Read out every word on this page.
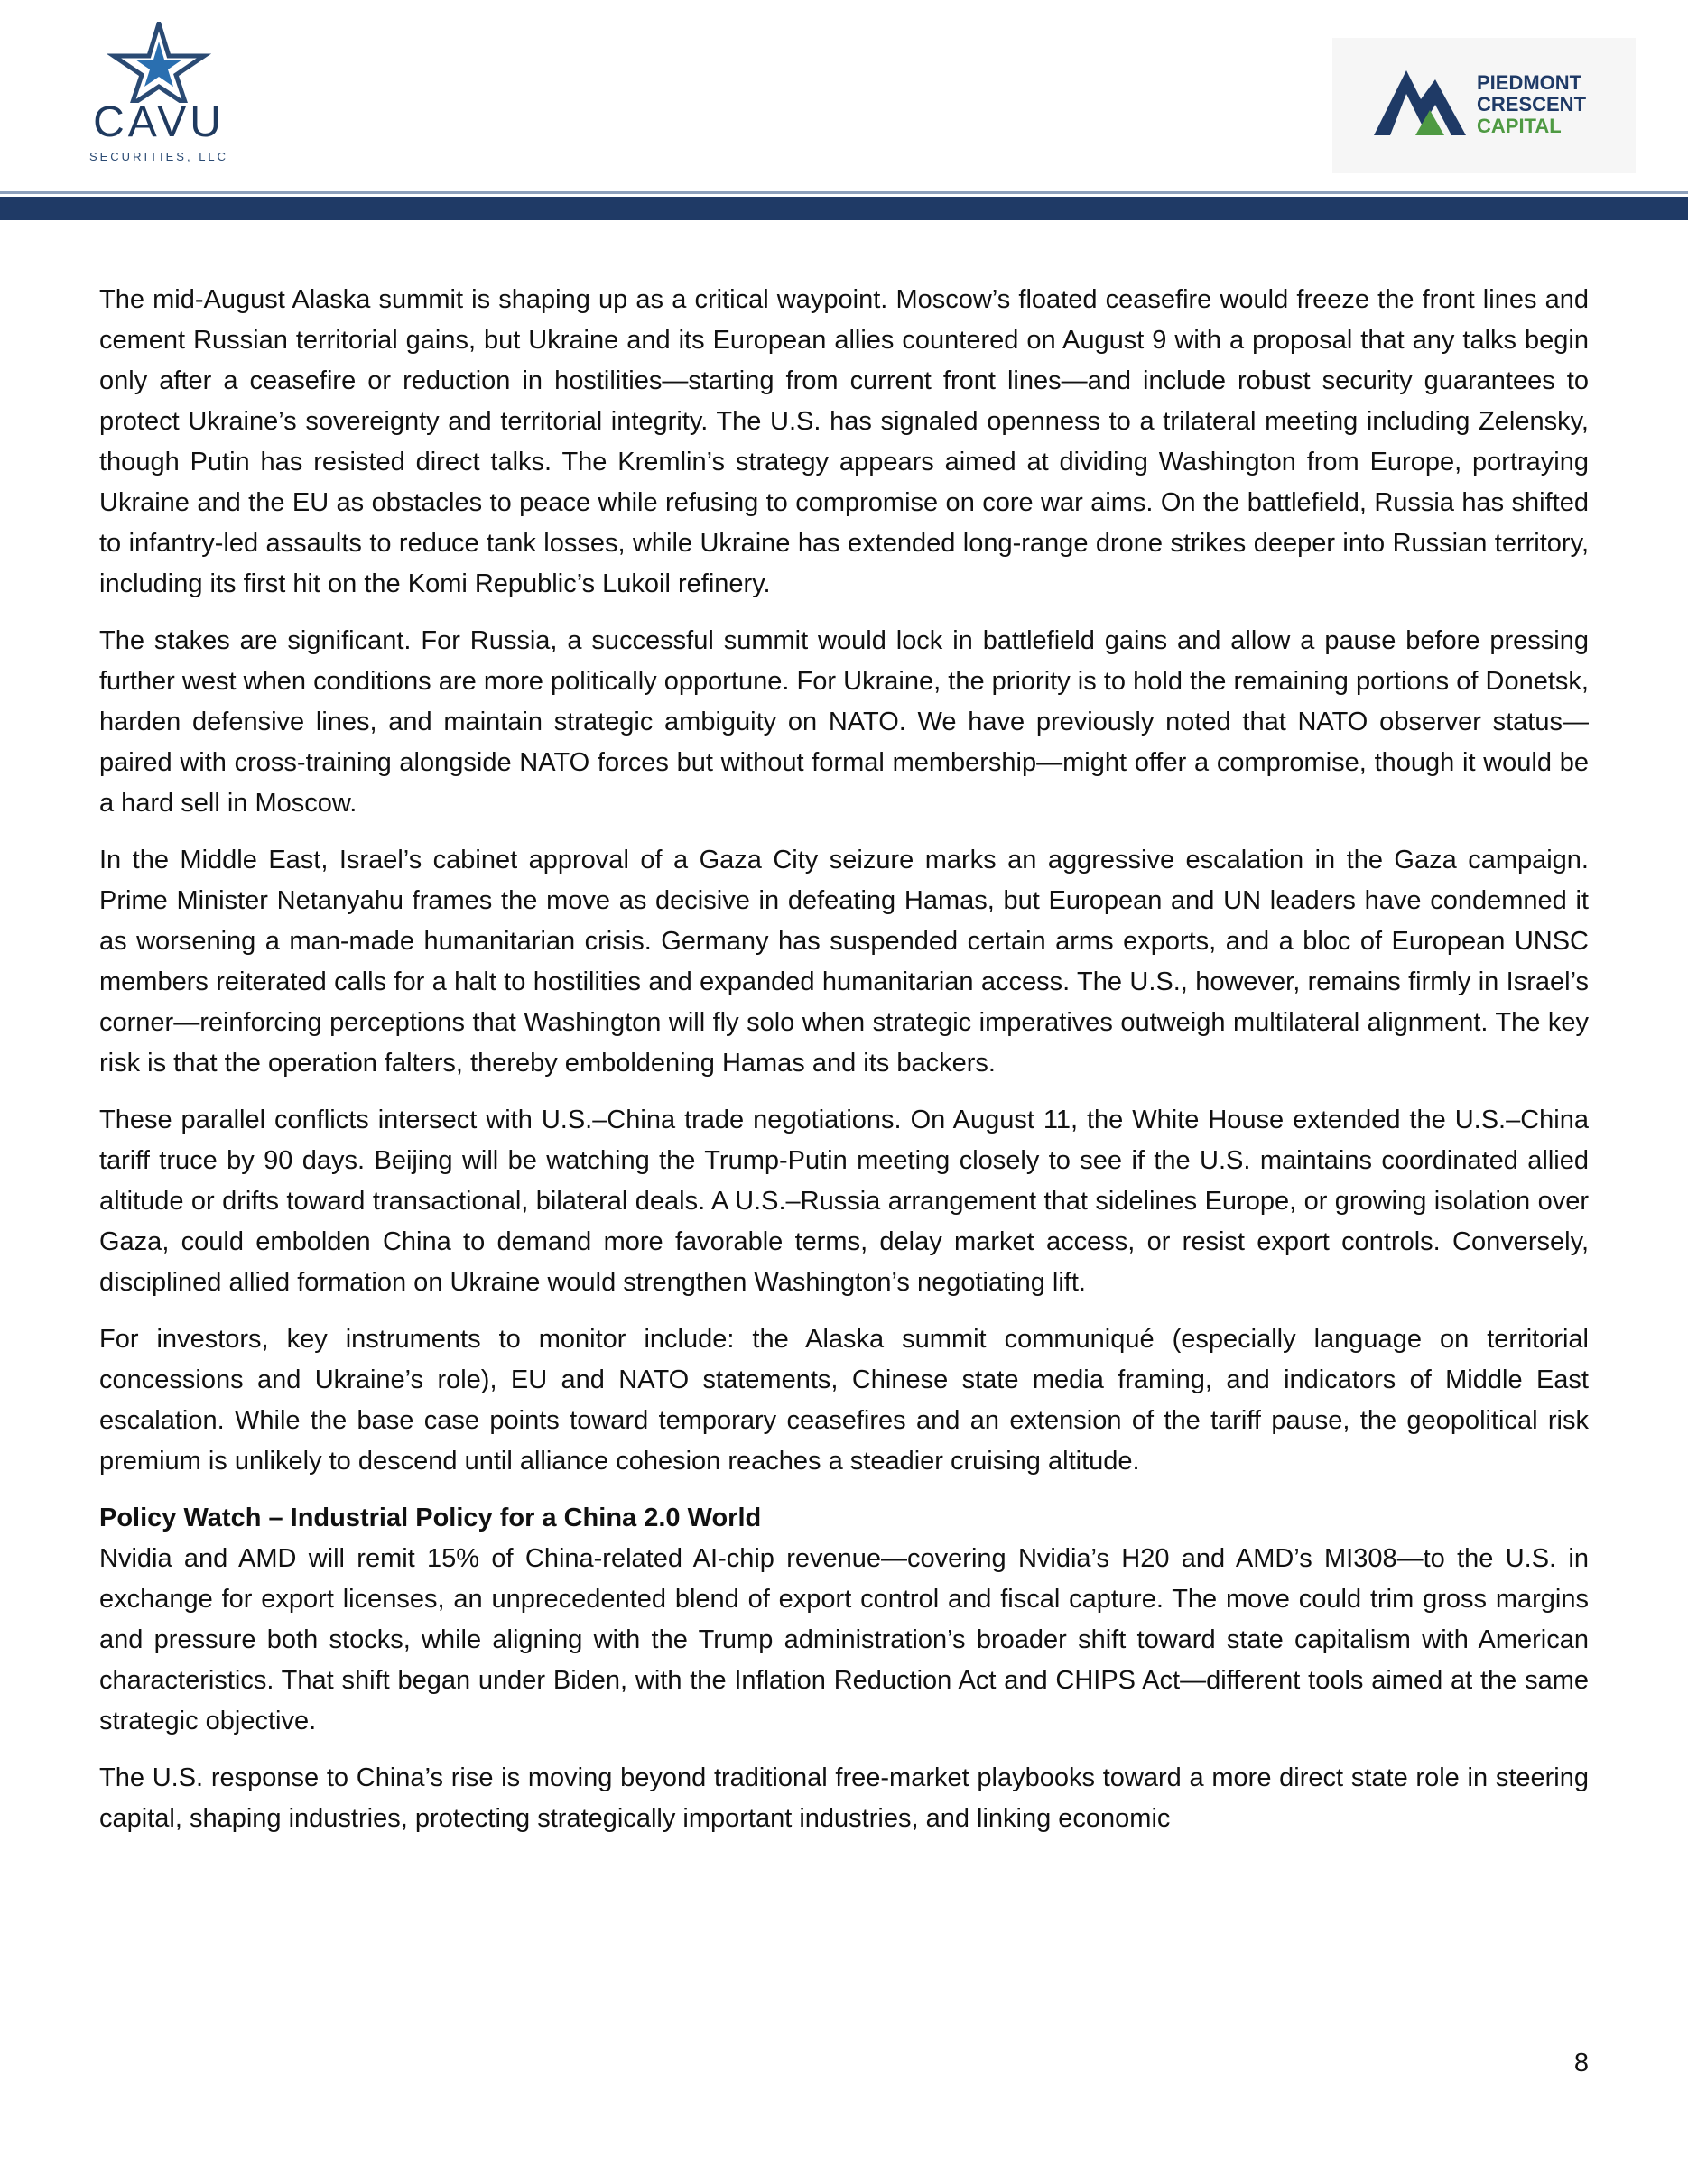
CAVU
SECURITIES, LLC
PIEDMONT
CRESCENT
CAPITAL

The mid-August Alaska summit is shaping up as a critical waypoint. Moscow’s floated ceasefire would freeze the front lines and cement Russian territorial gains, but Ukraine and its European allies countered on August 9 with a proposal that any talks begin only after a ceasefire or reduction in hostilities—starting from current front lines—and include robust security guarantees to protect Ukraine’s sovereignty and territorial integrity. The U.S. has signaled openness to a trilateral meeting including Zelensky, though Putin has resisted direct talks. The Kremlin’s strategy appears aimed at dividing Washington from Europe, portraying Ukraine and the EU as obstacles to peace while refusing to compromise on core war aims. On the battlefield, Russia has shifted to infantry-led assaults to reduce tank losses, while Ukraine has extended long-range drone strikes deeper into Russian territory, including its first hit on the Komi Republic’s Lukoil refinery.

The stakes are significant. For Russia, a successful summit would lock in battlefield gains and allow a pause before pressing further west when conditions are more politically opportune. For Ukraine, the priority is to hold the remaining portions of Donetsk, harden defensive lines, and maintain strategic ambiguity on NATO. We have previously noted that NATO observer status—paired with cross-training alongside NATO forces but without formal membership—might offer a compromise, though it would be a hard sell in Moscow.

In the Middle East, Israel’s cabinet approval of a Gaza City seizure marks an aggressive escalation in the Gaza campaign. Prime Minister Netanyahu frames the move as decisive in defeating Hamas, but European and UN leaders have condemned it as worsening a man-made humanitarian crisis. Germany has suspended certain arms exports, and a bloc of European UNSC members reiterated calls for a halt to hostilities and expanded humanitarian access. The U.S., however, remains firmly in Israel’s corner—reinforcing perceptions that Washington will fly solo when strategic imperatives outweigh multilateral alignment. The key risk is that the operation falters, thereby emboldening Hamas and its backers.

These parallel conflicts intersect with U.S.–China trade negotiations. On August 11, the White House extended the U.S.–China tariff truce by 90 days. Beijing will be watching the Trump-Putin meeting closely to see if the U.S. maintains coordinated allied altitude or drifts toward transactional, bilateral deals. A U.S.–Russia arrangement that sidelines Europe, or growing isolation over Gaza, could embolden China to demand more favorable terms, delay market access, or resist export controls. Conversely, disciplined allied formation on Ukraine would strengthen Washington’s negotiating lift.

For investors, key instruments to monitor include: the Alaska summit communiqué (especially language on territorial concessions and Ukraine’s role), EU and NATO statements, Chinese state media framing, and indicators of Middle East escalation. While the base case points toward temporary ceasefires and an extension of the tariff pause, the geopolitical risk premium is unlikely to descend until alliance cohesion reaches a steadier cruising altitude.

Policy Watch – Industrial Policy for a China 2.0 World

Nvidia and AMD will remit 15% of China-related AI-chip revenue—covering Nvidia’s H20 and AMD’s MI308—to the U.S. in exchange for export licenses, an unprecedented blend of export control and fiscal capture. The move could trim gross margins and pressure both stocks, while aligning with the Trump administration’s broader shift toward state capitalism with American characteristics. That shift began under Biden, with the Inflation Reduction Act and CHIPS Act—different tools aimed at the same strategic objective.

The U.S. response to China’s rise is moving beyond traditional free-market playbooks toward a more direct state role in steering capital, shaping industries, protecting strategically important industries, and linking economic

8
